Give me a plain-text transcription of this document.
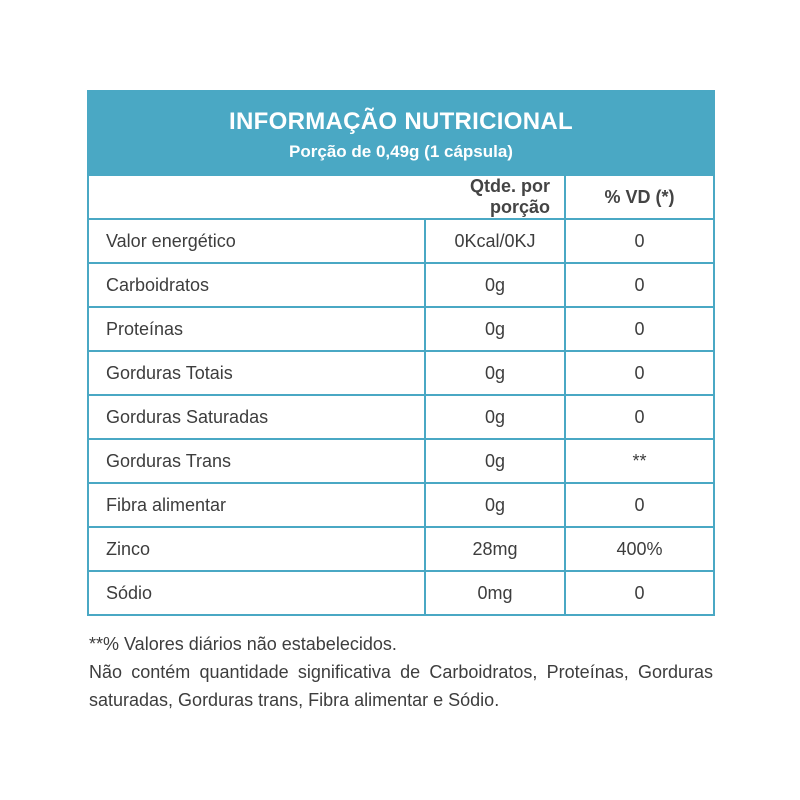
INFORMAÇÃO NUTRICIONAL
Porção de 0,49g (1 cápsula)		

	Qtde. por porção	% VD (*)
Valor energético	0Kcal/0KJ	0
Carboidratos	0g	0
Proteínas	0g	0
Gorduras Totais	0g	0
Gorduras Saturadas	0g	0
Gorduras Trans	0g	**
Fibra alimentar	0g	0
Zinco	28mg	400%
Sódio	0mg	0

**% Valores diários não estabelecidos.

Não contém quantidade significativa de Carboidratos, Proteínas, Gorduras saturadas, Gorduras trans, Fibra alimentar e Sódio.
